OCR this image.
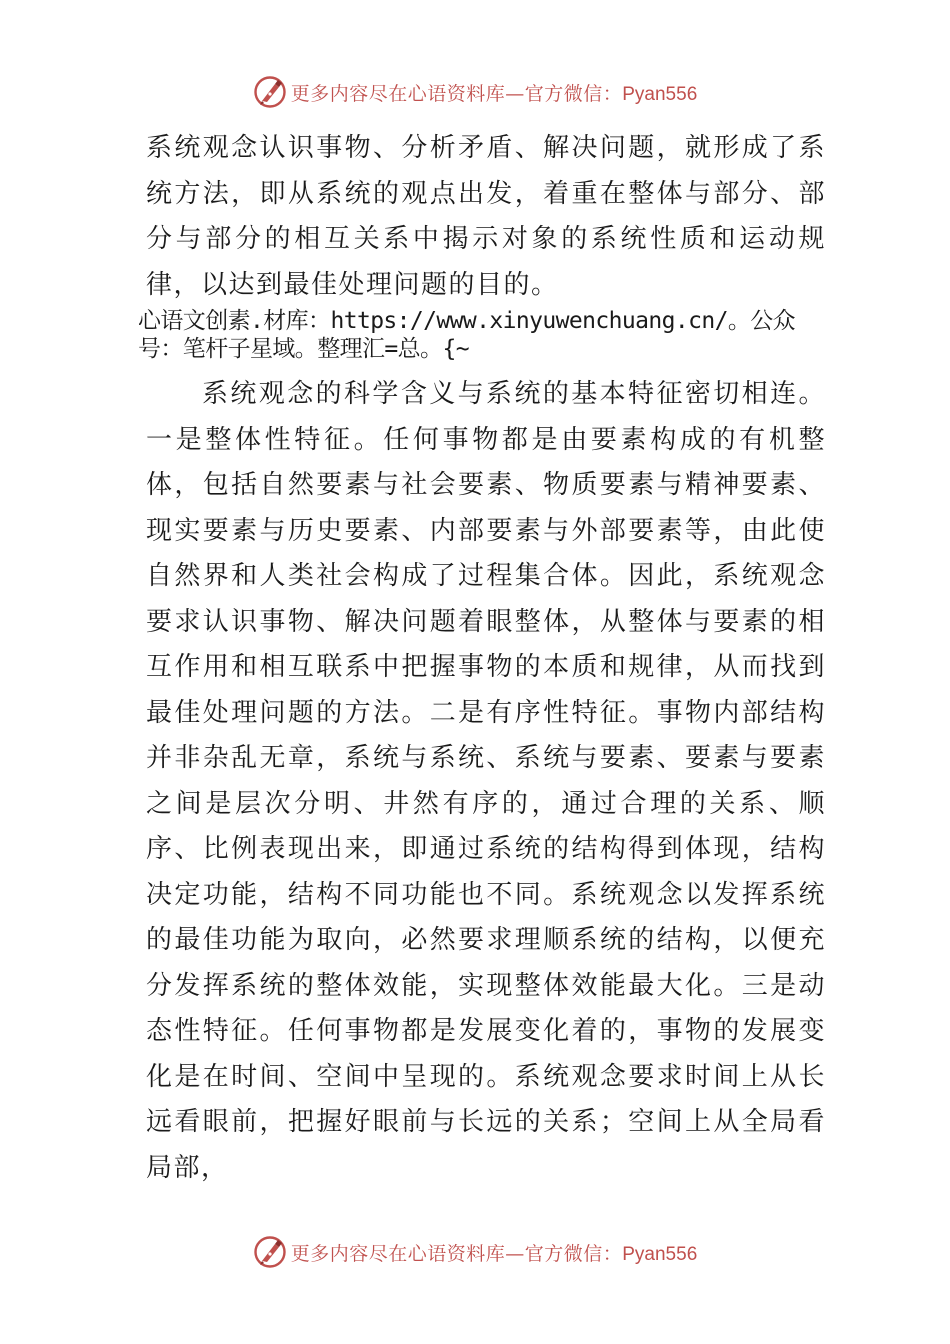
更多内容尽在心语资料库—官方微信：Pyan556

系统观念认识事物、分析矛盾、解决问题，就形成了系统方法，即从系统的观点出发，着重在整体与部分、部分与部分的相互关系中揭示对象的系统性质和运动规律，以达到最佳处理问题的目的。

心语文创素.材库：https://www.xinyuwenchuang.cn/。公众号：笔杆子星域。整理汇=总。{~

系统观念的科学含义与系统的基本特征密切相连。一是整体性特征。任何事物都是由要素构成的有机整体，包括自然要素与社会要素、物质要素与精神要素、现实要素与历史要素、内部要素与外部要素等，由此使自然界和人类社会构成了过程集合体。因此，系统观念要求认识事物、解决问题着眼整体，从整体与要素的相互作用和相互联系中把握事物的本质和规律，从而找到最佳处理问题的方法。二是有序性特征。事物内部结构并非杂乱无章，系统与系统、系统与要素、要素与要素之间是层次分明、井然有序的，通过合理的关系、顺序、比例表现出来，即通过系统的结构得到体现，结构决定功能，结构不同功能也不同。系统观念以发挥系统的最佳功能为取向，必然要求理顺系统的结构，以便充分发挥系统的整体效能，实现整体效能最大化。三是动态性特征。任何事物都是发展变化着的，事物的发展变化是在时间、空间中呈现的。系统观念要求时间上从长远看眼前，把握好眼前与长远的关系；空间上从全局看局部，

更多内容尽在心语资料库—官方微信：Pyan556
